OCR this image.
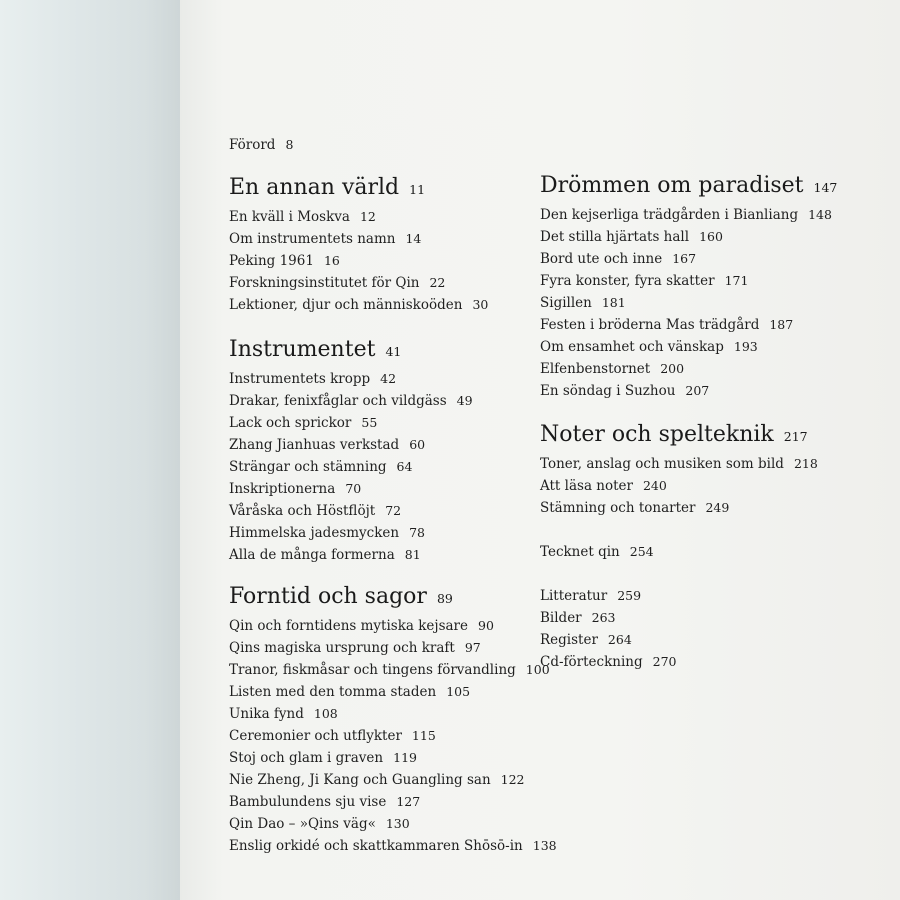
Förord 8
En annan värld 11
En kväll i Moskva 12
Om instrumentets namn 14
Peking 1961 16
Forskningsinstitutet för Qin 22
Lektioner, djur och människoöden 30
Instrumentet 41
Instrumentets kropp 42
Drakar, fenixfåglar och vildgäss 49
Lack och sprickor 55
Zhang Jianhuas verkstad 60
Strängar och stämning 64
Inskriptionerna 70
Våråska och Höstflöjt 72
Himmelska jadesmycken 78
Alla de många formerna 81
Forntid och sagor 89
Qin och forntidens mytiska kejsare 90
Qins magiska ursprung och kraft 97
Tranor, fiskmåsar och tingens förvandling 100
Listen med den tomma staden 105
Unika fynd 108
Ceremonier och utflykter 115
Stoj och glam i graven 119
Nie Zheng, Ji Kang och Guangling san 122
Bambulundens sju vise 127
Qin Dao – »Qins väg« 130
Enslig orkidé och skattkammaren Shōsō-in 138
Drömmen om paradiset 147
Den kejserliga trädgården i Bianliang 148
Det stilla hjärtats hall 160
Bord ute och inne 167
Fyra konster, fyra skatter 171
Sigillen 181
Festen i bröderna Mas trädgård 187
Om ensamhet och vänskap 193
Elfenbenstornet 200
En söndag i Suzhou 207
Noter och spelteknik 217
Toner, anslag och musiken som bild 218
Att läsa noter 240
Stämning och tonarter 249
Tecknet qin 254
Litteratur 259
Bilder 263
Register 264
Cd-förteckning 270
